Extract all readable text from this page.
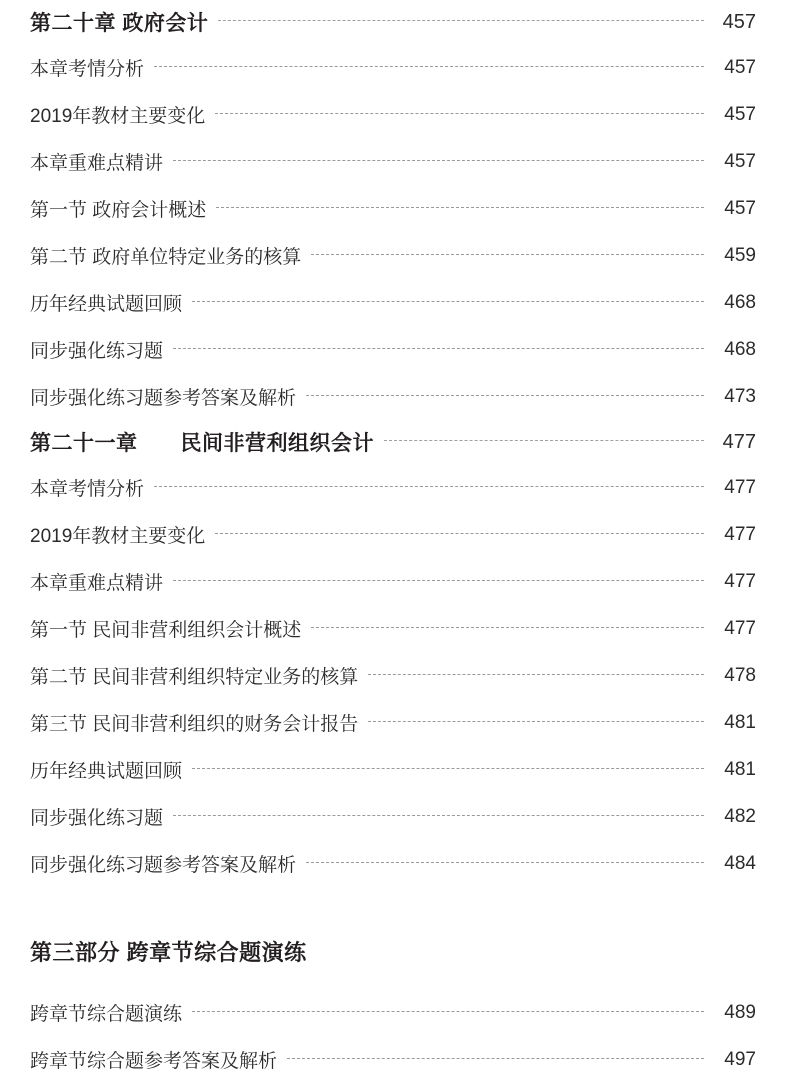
第二十章 政府会计	457
本章考情分析	457
2019年教材主要变化	457
本章重难点精讲	457
第一节 政府会计概述	457
第二节 政府单位特定业务的核算	459
历年经典试题回顾	468
同步强化练习题	468
同步强化练习题参考答案及解析	473
第二十一章　　民间非营利组织会计	477
本章考情分析	477
2019年教材主要变化	477
本章重难点精讲	477
第一节 民间非营利组织会计概述	477
第二节 民间非营利组织特定业务的核算	478
第三节 民间非营利组织的财务会计报告	481
历年经典试题回顾	481
同步强化练习题	482
同步强化练习题参考答案及解析	484
第三部分 跨章节综合题演练
跨章节综合题演练	489
跨章节综合题参考答案及解析	497
